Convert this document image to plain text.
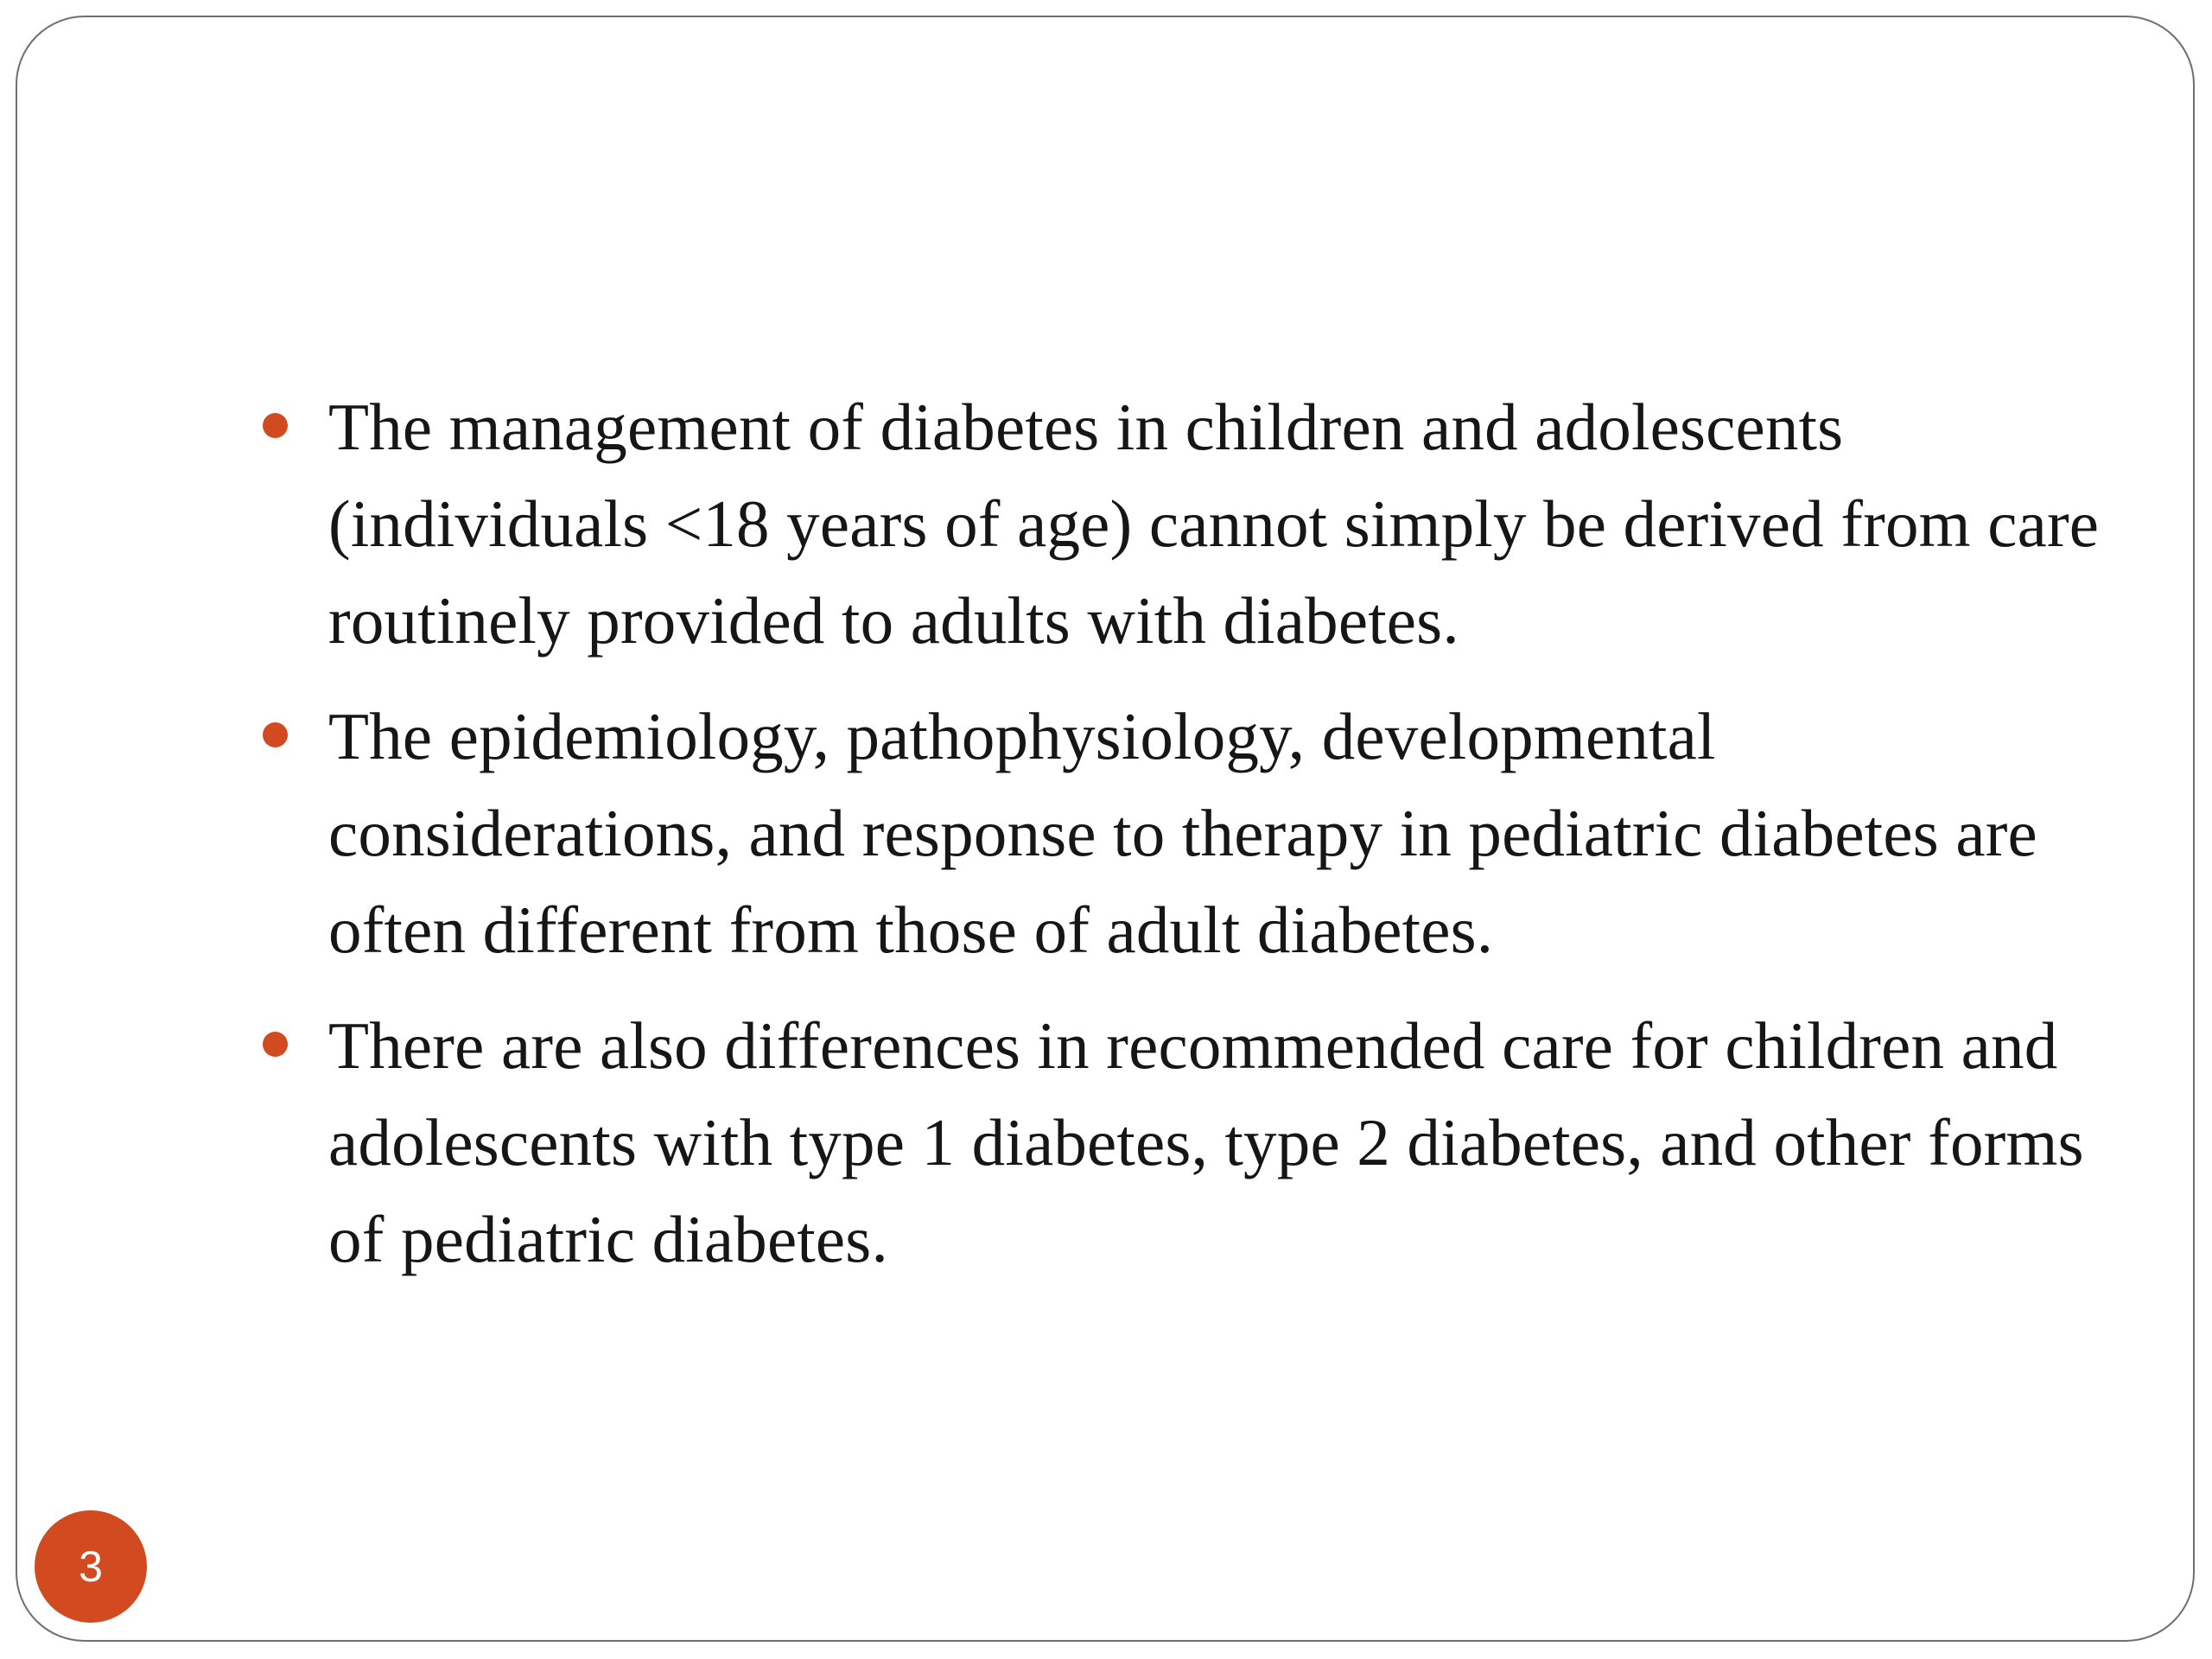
The management of diabetes in children and adolescents (individuals <18 years of age) cannot simply be derived from care routinely provided to adults with diabetes.
The epidemiology, pathophysiology, developmental considerations, and response to therapy in pediatric diabetes are often different from those of adult diabetes.
There are also differences in recommended care for children and adolescents with type 1 diabetes, type 2 diabetes, and other forms of pediatric diabetes.
3
